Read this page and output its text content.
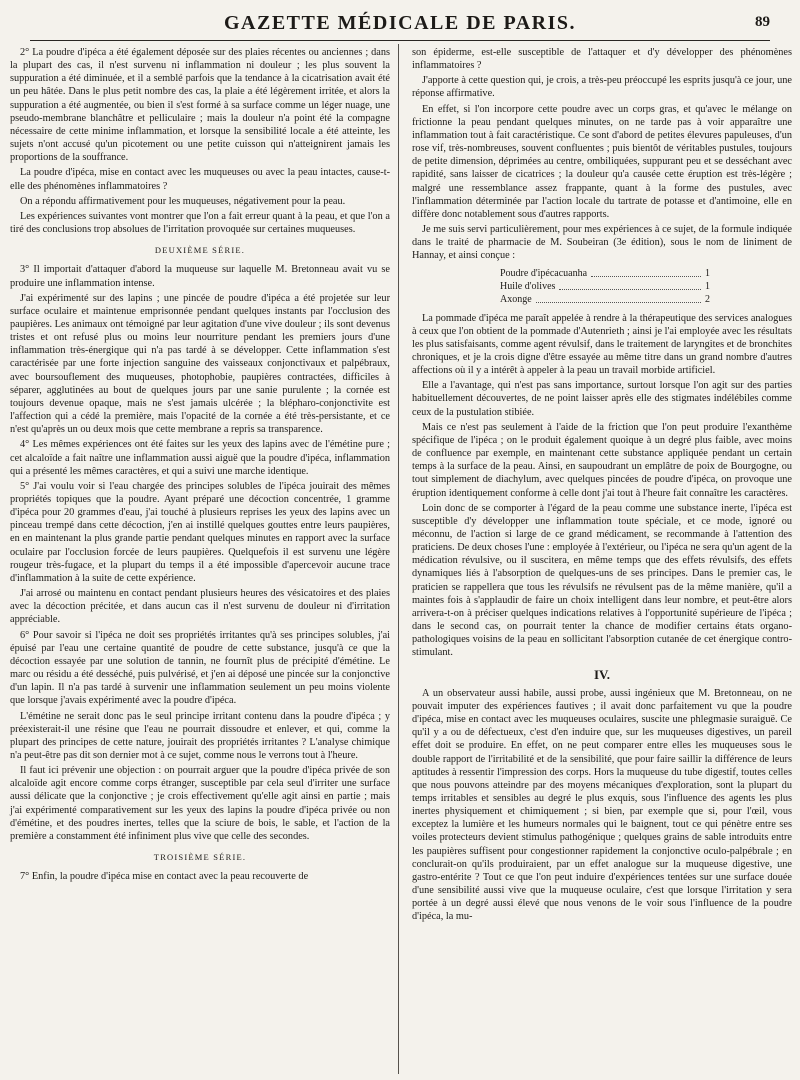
GAZETTE MÉDICALE DE PARIS.	89

2° La poudre d'ipéca a été également déposée sur des plaies récentes ou anciennes ; dans la plupart des cas, il n'est survenu ni inflammation ni douleur ; les plus souvent la suppuration a été diminuée, et il a semblé parfois que la tendance à la cicatrisation avait été un peu hâtée. Dans le plus petit nombre des cas, la plaie a été légèrement irritée, et alors la suppuration a été augmentée, ou bien il s'est formé à sa surface comme un léger nuage, une pseudo-membrane blanchâtre et pelliculaire ; mais la douleur n'a point été la compagne nécessaire de cette minime inflammation, et lorsque la sensibilité locale a été atteinte, les sujets n'ont accusé qu'un picotement ou une petite cuisson qui n'atteignirent jamais les proportions de la souffrance.

La poudre d'ipéca, mise en contact avec les muqueuses ou avec la peau intactes, cause-t-elle des phénomènes inflammatoires ?

On a répondu affirmativement pour les muqueuses, négativement pour la peau.

Les expériences suivantes vont montrer que l'on a fait erreur quant à la peau, et que l'on a tiré des conclusions trop absolues de l'irritation provoquée sur certaines muqueuses.

DEUXIÈME SÉRIE.

3° Il importait d'attaquer d'abord la muqueuse sur laquelle M. Bretonneau avait vu se produire une inflammation intense.

J'ai expérimenté sur des lapins ; une pincée de poudre d'ipéca a été projetée sur leur surface oculaire et maintenue emprisonnée pendant quelques instants par l'occlusion des paupières. Les animaux ont témoigné par leur agitation d'une vive douleur ; ils sont devenus tristes et ont refusé plus ou moins leur nourriture pendant les premiers jours d'une inflammation très-énergique qui n'a pas tardé à se développer. Cette inflammation s'est caractérisée par une forte injection sanguine des vaisseaux conjonctivaux et palpébraux, avec boursouflement des muqueuses, photophobie, paupières contractées, difficiles à séparer, agglutinées au bout de quelques jours par une sanie purulente ; la cornée est toujours devenue opaque, mais ne s'est jamais ulcérée ; la blépharo-conjonctivite est l'affection qui a cédé la première, mais l'opacité de la cornée a été très-persistante, et ce n'est qu'après un ou deux mois que cette membrane a repris sa transparence.

4° Les mêmes expériences ont été faites sur les yeux des lapins avec de l'émétine pure ; cet alcaloïde a fait naître une inflammation aussi aiguë que la poudre d'ipéca, inflammation qui a présenté les mêmes caractères, et qui a suivi une marche identique.

5° J'ai voulu voir si l'eau chargée des principes solubles de l'ipéca jouirait des mêmes propriétés topiques que la poudre. Ayant préparé une décoction concentrée, 1 gramme d'ipéca pour 20 grammes d'eau, j'ai touché à plusieurs reprises les yeux des lapins avec un pinceau trempé dans cette décoction, j'en ai instillé quelques gouttes entre leurs paupières, en en maintenant la plus grande partie pendant quelques minutes en rapport avec la surface oculaire par l'occlusion forcée de leurs paupières. Quelquefois il est survenu une légère rougeur très-fugace, et la plupart du temps il a été impossible d'apercevoir aucune trace d'inflammation à la suite de cette expérience.

J'ai arrosé ou maintenu en contact pendant plusieurs heures des vésicatoires et des plaies avec la décoction précitée, et dans aucun cas il n'est survenu de douleur ni d'irritation appréciable.

6° Pour savoir si l'ipéca ne doit ses propriétés irritantes qu'à ses principes solubles, j'ai épuisé par l'eau une certaine quantité de poudre de cette substance, jusqu'à ce que la décoction essayée par une solution de tannin, ne fournît plus de précipité d'émétine. Le marc ou résidu a été desséché, puis pulvérisé, et j'en ai déposé une pincée sur la conjonctive d'un lapin. Il n'a pas tardé à survenir une inflammation seulement un peu moins violente que lorsque j'avais expérimenté avec la poudre d'ipéca.

L'émétine ne serait donc pas le seul principe irritant contenu dans la poudre d'ipéca ; y préexisterait-il une résine que l'eau ne pourrait dissoudre et enlever, et qui, comme la plupart des principes de cette nature, jouirait des propriétés irritantes ? L'analyse chimique n'a peut-être pas dit son dernier mot à ce sujet, comme nous le verrons tout à l'heure.

Il faut ici prévenir une objection : on pourrait arguer que la poudre d'ipéca privée de son alcaloïde agit encore comme corps étranger, susceptible par cela seul d'irriter une surface aussi délicate que la conjonctive ; je crois effectivement qu'elle agit ainsi en partie ; mais j'ai expérimenté comparativement sur les yeux des lapins la poudre d'ipéca privée ou non d'émétine, et des poudres inertes, telles que la sciure de bois, le sable, et l'action de la première a constamment été infiniment plus vive que celle des secondes.

TROISIÈME SÉRIE.

7° Enfin, la poudre d'ipéca mise en contact avec la peau recouverte de

son épiderme, est-elle susceptible de l'attaquer et d'y développer des phénomènes inflammatoires ?

J'apporte à cette question qui, je crois, a très-peu préoccupé les esprits jusqu'à ce jour, une réponse affirmative.

En effet, si l'on incorpore cette poudre avec un corps gras, et qu'avec le mélange on frictionne la peau pendant quelques minutes, on ne tarde pas à voir apparaître une inflammation tout à fait caractéristique. Ce sont d'abord de petites élevures papuleuses, d'un rose vif, très-nombreuses, souvent confluentes ; puis bientôt de véritables pustules, toujours de petite dimension, déprimées au centre, ombiliquées, suppurant peu et se desséchant avec rapidité, sans laisser de cicatrices ; la douleur qu'a causée cette éruption est très-légère ; malgré une ressemblance assez frappante, quant à la forme des pustules, avec l'inflammation déterminée par l'action locale du tartrate de potasse et d'antimoine, elle en diffère donc notablement sous d'autres rapports.

Je me suis servi particulièrement, pour mes expériences à ce sujet, de la formule indiquée dans le traité de pharmacie de M. Soubeiran (3e édition), sous le nom de liniment de Hannay, et ainsi conçue :

Poudre d'ipécacuanha	1
Huile d'olives	1
Axonge	2

La pommade d'ipéca me paraît appelée à rendre à la thérapeutique des services analogues à ceux que l'on obtient de la pommade d'Autenrieth ; ainsi je l'ai employée avec les résultats les plus satisfaisants, comme agent révulsif, dans le traitement de laryngites et de bronchites chroniques, et je la crois digne d'être essayée au même titre dans un grand nombre d'autres affections où il y a intérêt à appeler à la peau un travail morbide artificiel.

Elle a l'avantage, qui n'est pas sans importance, surtout lorsque l'on agit sur des parties habituellement découvertes, de ne point laisser après elle des stigmates indélébiles comme ceux de la pustulation stibiée.

Mais ce n'est pas seulement à l'aide de la friction que l'on peut produire l'exanthème spécifique de l'ipéca ; on le produit également quoique à un degré plus faible, avec moins de confluence par exemple, en maintenant cette substance appliquée pendant un certain temps à la surface de la peau. Ainsi, en saupoudrant un emplâtre de poix de Bourgogne, ou tout simplement de diachylum, avec quelques pincées de poudre d'ipéca, on provoque une éruption identiquement conforme à celle dont j'ai tout à l'heure fait connaître les caractères.

Loin donc de se comporter à l'égard de la peau comme une substance inerte, l'ipéca est susceptible d'y développer une inflammation toute spéciale, et ce mode, ignoré ou méconnu, de l'action si large de ce grand médicament, se recommande à l'attention des praticiens. De deux choses l'une : employée à l'extérieur, ou l'ipéca ne sera qu'un agent de la médication révulsive, ou il suscitera, en même temps que des effets révulsifs, des effets dynamiques liés à l'absorption de quelques-uns de ses principes. Dans le premier cas, le praticien se rappellera que tous les révulsifs ne révulsent pas de la même manière, qu'il a maintes fois à s'applaudir de faire un choix intelligent dans leur nombre, et peut-être alors arrivera-t-on à préciser quelques indications relatives à l'opportunité supérieure de l'ipéca ; dans le second cas, on pourrait tenter la chance de modifier certains états organo-pathologiques voisins de la peau en sollicitant l'absorption cutanée de cet énergique contro-stimulant.

IV.

A un observateur aussi habile, aussi probe, aussi ingénieux que M. Bretonneau, on ne pouvait imputer des expériences fautives ; il avait donc parfaitement vu que la poudre d'ipéca, mise en contact avec les muqueuses oculaires, suscite une phlegmasie suraiguë. Ce qu'il y a ou de défectueux, c'est d'en induire que, sur les muqueuses digestives, un pareil effet doit se produire. En effet, on ne peut comparer entre elles les muqueuses sous le double rapport de l'irritabilité et de la sensibilité, que pour faire saillir la différence de leurs aptitudes à ressentir l'impression des corps. Hors la muqueuse du tube digestif, toutes celles que nous pouvons atteindre par des moyens mécaniques d'exploration, sont la plupart du temps irritables et sensibles au degré le plus exquis, sous l'influence des agents les plus inertes physiquement et chimiquement ; si bien, par exemple que si, pour l'œil, vous exceptez la lumière et les humeurs normales qui le baignent, tout ce qui pénètre entre ses voiles protecteurs devient stimulus pathogénique ; quelques grains de sable introduits entre les paupières suffisent pour congestionner rapidement la conjonctive oculo-palpébrale ; en conclurait-on qu'ils produiraient, par un effet analogue sur la muqueuse digestive, une gastro-entérite ? Tout ce que l'on peut induire d'expériences tentées sur une surface douée d'une sensibilité aussi vive que la muqueuse oculaire, c'est que lorsque l'irritation y sera portée à un degré aussi élevé que nous venons de le voir sous l'influence de la poudre d'ipéca, la mu-
